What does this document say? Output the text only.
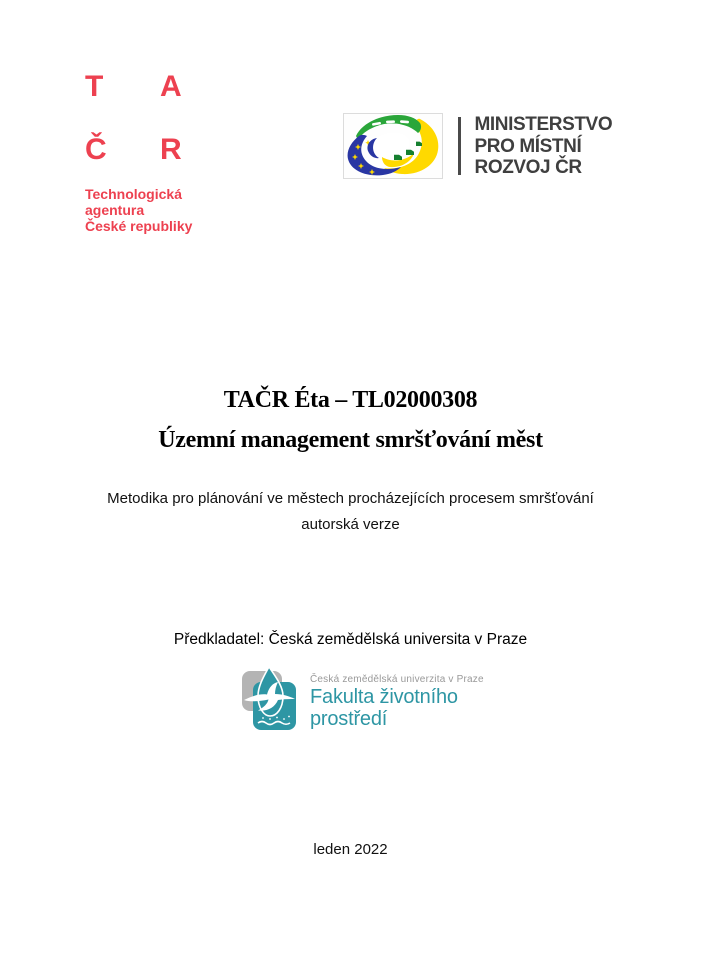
T	A
Č	R
Technologická
agentura
České republiky
MINISTERSTVO
PRO MÍSTNÍ
ROZVOJ ČR
TAČR Éta – TL02000308
Územní management smršťování měst
Metodika pro plánování ve městech procházejících procesem smršťování
autorská verze
Předkladatel: Česká zemědělská universita v Praze
Česká zemědělská univerzita v Praze
Fakulta životního
prostředí
leden 2022
